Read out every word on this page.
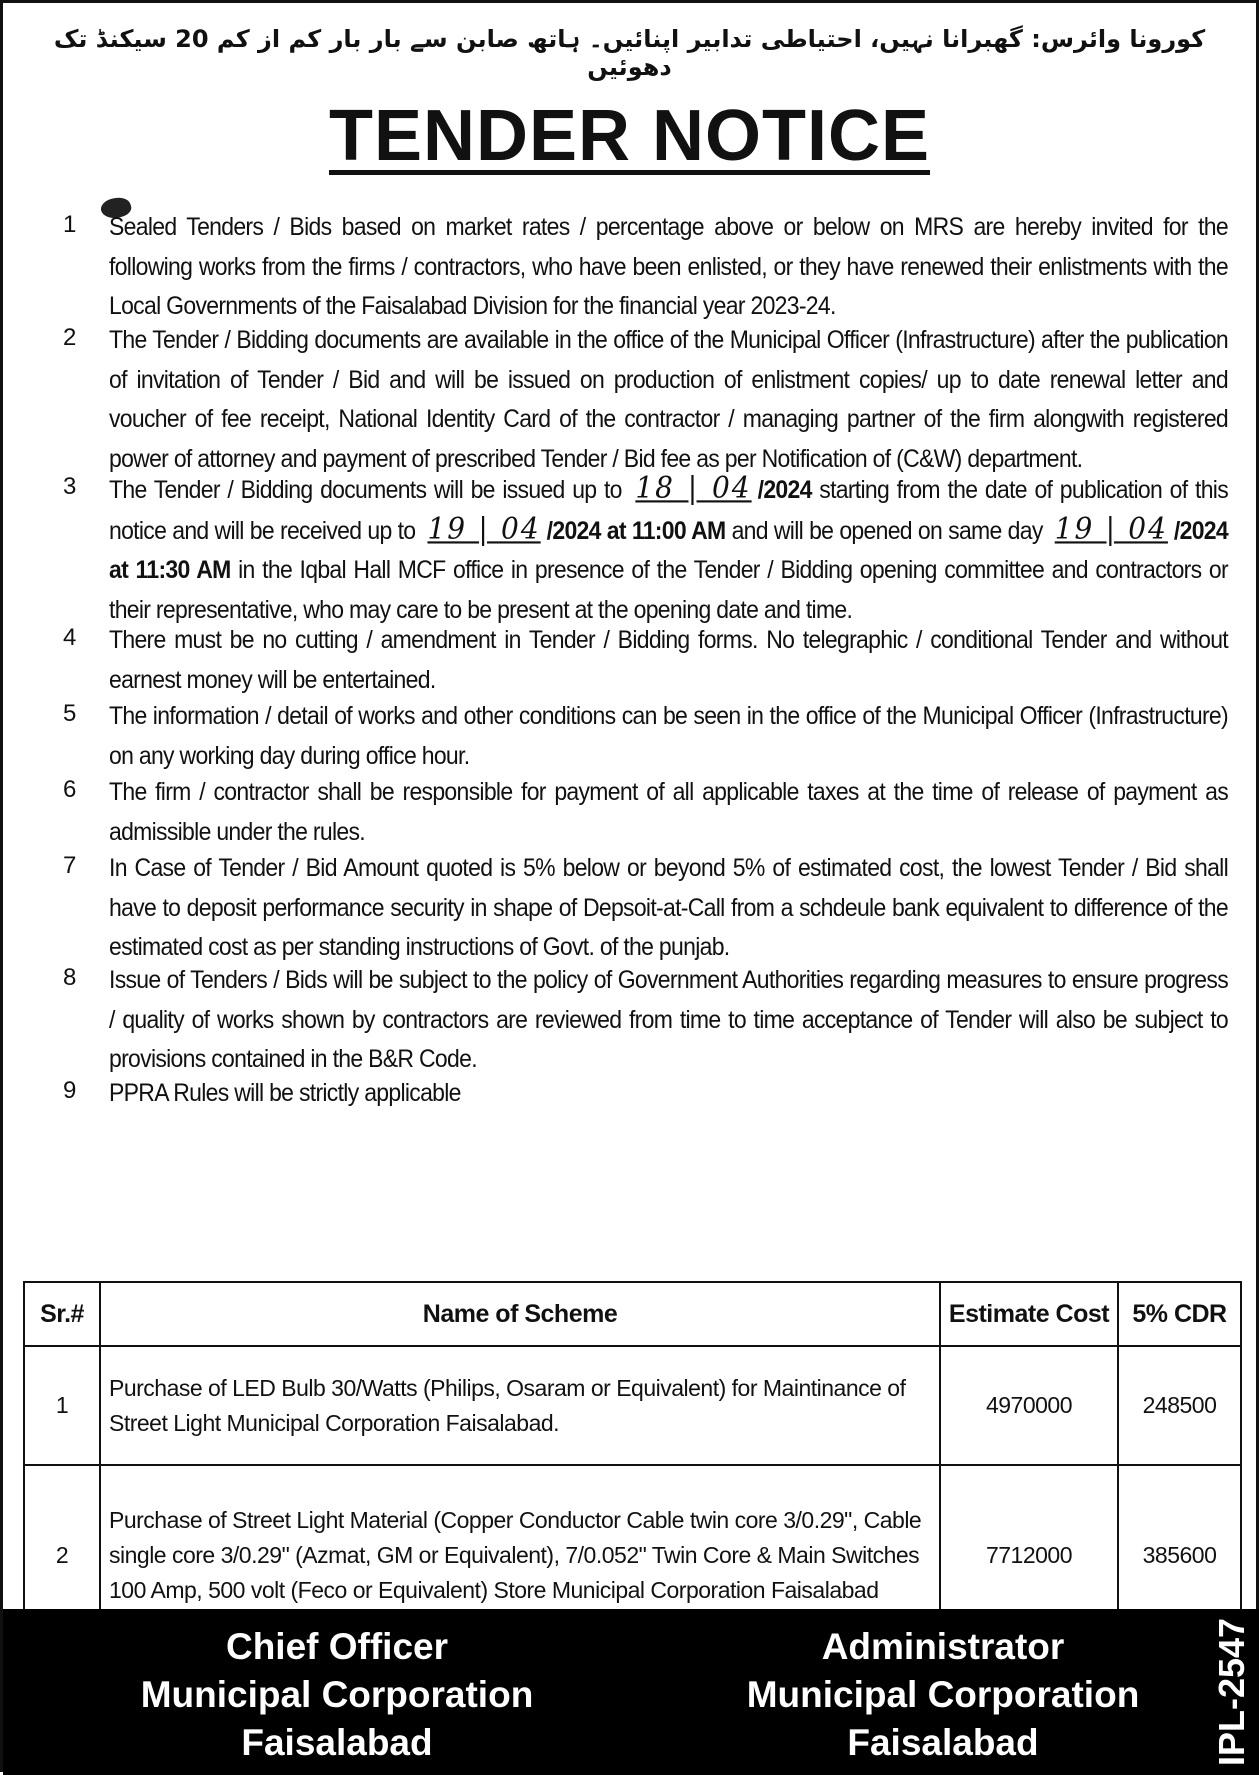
کورونا وائرس: گھبرانا نہیں، احتیاطی تدابیر اپنائیں۔ ہاتھ صابن سے بار بار کم از کم 20 سیکنڈ تک دھوئیں
TENDER NOTICE
1	Sealed Tenders / Bids based on market rates / percentage above or below on MRS are hereby invited for the following works from the firms / contractors, who have been enlisted, or they have renewed their enlistments with the Local Governments of the Faisalabad Division for the financial year 2023-24.
2	The Tender / Bidding documents are available in the office of the Municipal Officer (Infrastructure) after the publication of invitation of Tender / Bid and will be issued on production of enlistment copies/ up to date renewal letter and voucher of fee receipt, National Identity Card of the contractor / managing partner of the firm alongwith registered power of attorney and payment of prescribed Tender / Bid fee as per Notification of (C&W) department.
3	The Tender / Bidding documents will be issued up to 18 | 04 /2024 starting from the date of publication of this notice and will be received up to 19 | 04 /2024 at 11:00 AM and will be opened on same day 19 | 04 /2024 at 11:30 AM in the Iqbal Hall MCF office in presence of the Tender / Bidding opening committee and contractors or their representative, who may care to be present at the opening date and time.
4	There must be no cutting / amendment in Tender / Bidding forms. No telegraphic / conditional Tender and without earnest money will be entertained.
5	The information / detail of works and other conditions can be seen in the office of the Municipal Officer (Infrastructure) on any working day during office hour.
6	The firm / contractor shall be responsible for payment of all applicable taxes at the time of release of payment as admissible under the rules.
7	In Case of Tender / Bid Amount quoted is 5% below or beyond 5% of estimated cost, the lowest Tender / Bid shall have to deposit performance security in shape of Depsoit-at-Call from a schdeule bank equivalent to difference of the estimated cost as per standing instructions of Govt. of the punjab.
8	Issue of Tenders / Bids will be subject to the policy of Government Authorities regarding measures to ensure progress / quality of works shown by contractors are reviewed from time to time acceptance of Tender will also be subject to provisions contained in the B&R Code.
9	PPRA Rules will be strictly applicable
Sr.#	Name of Scheme	Estimate Cost	5% CDR
1	Purchase of LED Bulb 30/Watts (Philips, Osaram or Equivalent) for Maintinance of Street Light Municipal Corporation Faisalabad.	4970000	248500
2	Purchase of Street Light Material (Copper Conductor Cable twin core 3/0.29", Cable single core 3/0.29" (Azmat, GM or Equivalent), 7/0.052" Twin Core & Main Switches 100 Amp, 500 volt (Feco or Equivalent) Store Municipal Corporation Faisalabad	7712000	385600
Chief Officer
Municipal Corporation
Faisalabad
Administrator
Municipal Corporation
Faisalabad	IPL-2547
